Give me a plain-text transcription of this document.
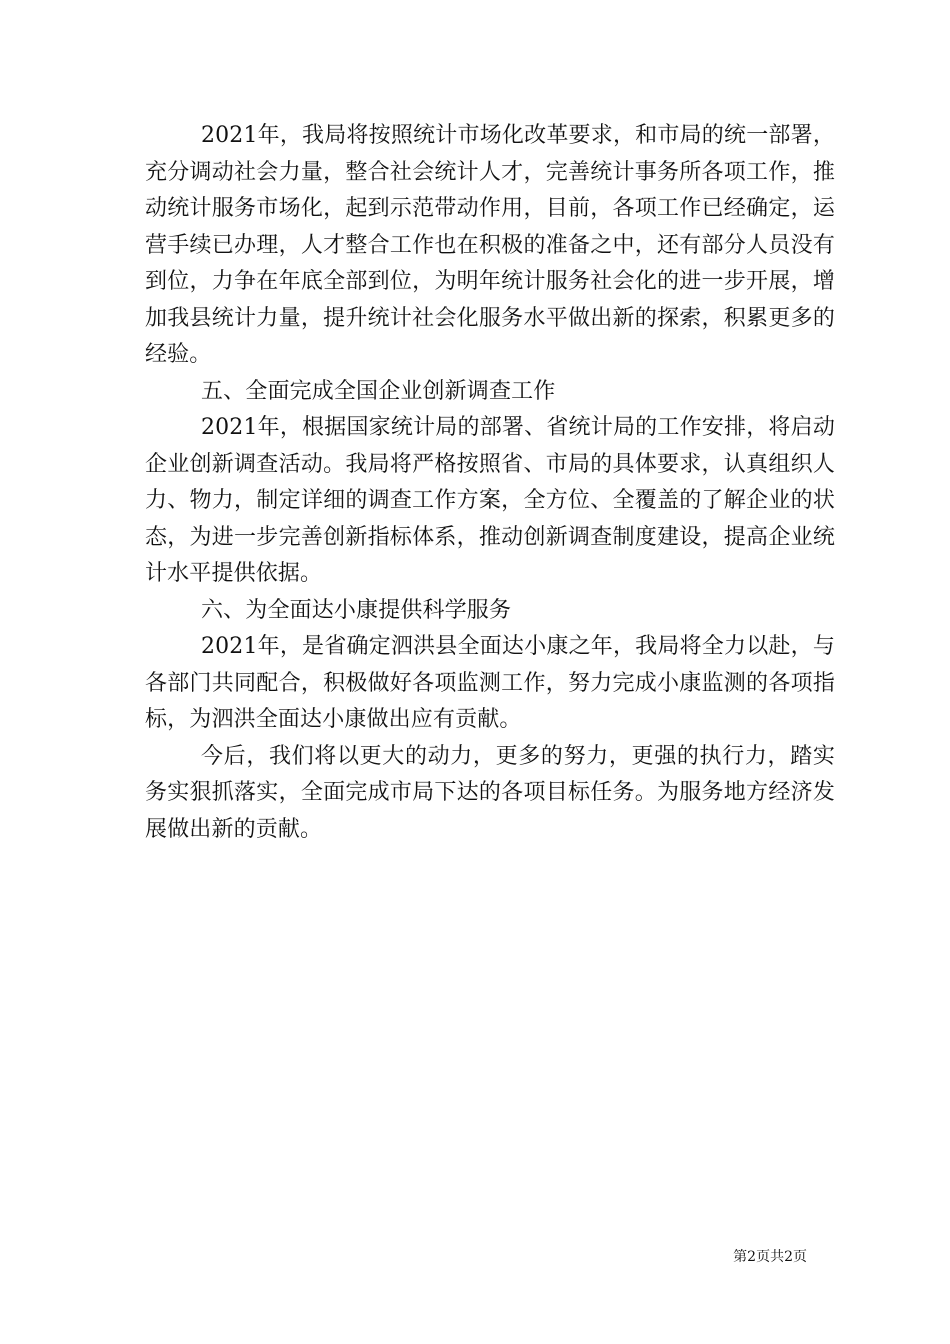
2021年，我局将按照统计市场化改革要求，和市局的统一部署，充分调动社会力量，整合社会统计人才，完善统计事务所各项工作，推动统计服务市场化，起到示范带动作用，目前，各项工作已经确定，运营手续已办理，人才整合工作也在积极的准备之中，还有部分人员没有到位，力争在年底全部到位，为明年统计服务社会化的进一步开展，增加我县统计力量，提升统计社会化服务水平做出新的探索，积累更多的经验。

五、全面完成全国企业创新调查工作

2021年，根据国家统计局的部署、省统计局的工作安排，将启动企业创新调查活动。我局将严格按照省、市局的具体要求，认真组织人力、物力，制定详细的调查工作方案，全方位、全覆盖的了解企业的状态，为进一步完善创新指标体系，推动创新调查制度建设，提高企业统计水平提供依据。

六、为全面达小康提供科学服务

2021年，是省确定泗洪县全面达小康之年，我局将全力以赴，与各部门共同配合，积极做好各项监测工作，努力完成小康监测的各项指标，为泗洪全面达小康做出应有贡献。

今后，我们将以更大的动力，更多的努力，更强的执行力，踏实务实狠抓落实，全面完成市局下达的各项目标任务。为服务地方经济发展做出新的贡献。

第2页共2页
